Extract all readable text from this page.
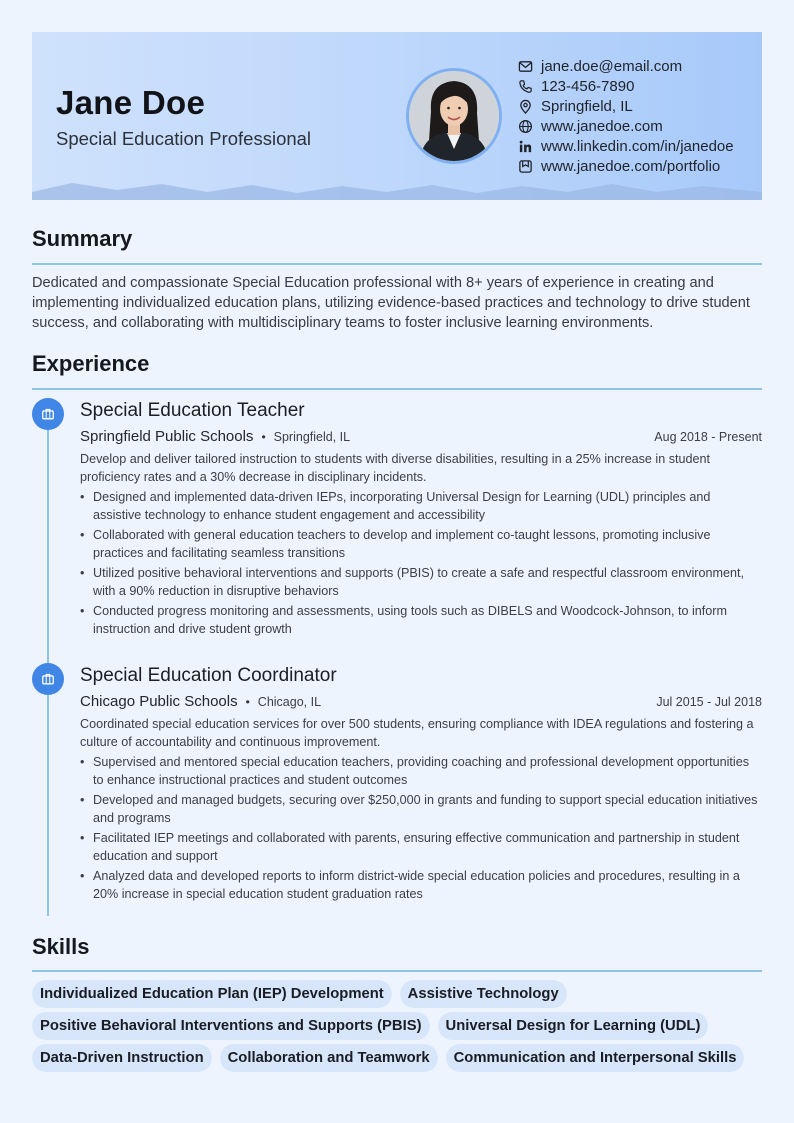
Jane Doe
Special Education Professional
jane.doe@email.com
123-456-7890
Springfield, IL
www.janedoe.com
www.linkedin.com/in/janedoe
www.janedoe.com/portfolio
Summary

Dedicated and compassionate Special Education professional with 8+ years of experience in creating and implementing individualized education plans, utilizing evidence-based practices and technology to drive student success, and collaborating with multidisciplinary teams to foster inclusive learning environments.

Experience
Special Education Teacher
Springfield Public Schools • Springfield, IL	Aug 2018 - Present

Develop and deliver tailored instruction to students with diverse disabilities, resulting in a 25% increase in student proficiency rates and a 30% decrease in disciplinary incidents.

• Designed and implemented data-driven IEPs, incorporating Universal Design for Learning (UDL) principles and assistive technology to enhance student engagement and accessibility
• Collaborated with general education teachers to develop and implement co-taught lessons, promoting inclusive practices and facilitating seamless transitions
• Utilized positive behavioral interventions and supports (PBIS) to create a safe and respectful classroom environment, with a 90% reduction in disruptive behaviors
• Conducted progress monitoring and assessments, using tools such as DIBELS and Woodcock-Johnson, to inform instruction and drive student growth
Special Education Coordinator
Chicago Public Schools • Chicago, IL	Jul 2015 - Jul 2018

Coordinated special education services for over 500 students, ensuring compliance with IDEA regulations and fostering a culture of accountability and continuous improvement.

• Supervised and mentored special education teachers, providing coaching and professional development opportunities to enhance instructional practices and student outcomes
• Developed and managed budgets, securing over $250,000 in grants and funding to support special education initiatives and programs
• Facilitated IEP meetings and collaborated with parents, ensuring effective communication and partnership in student education and support
• Analyzed data and developed reports to inform district-wide special education policies and procedures, resulting in a 20% increase in special education student graduation rates
Skills
Individualized Education Plan (IEP) Development	Assistive Technology
Positive Behavioral Interventions and Supports (PBIS)	Universal Design for Learning (UDL)
Data-Driven Instruction	Collaboration and Teamwork	Communication and Interpersonal Skills
